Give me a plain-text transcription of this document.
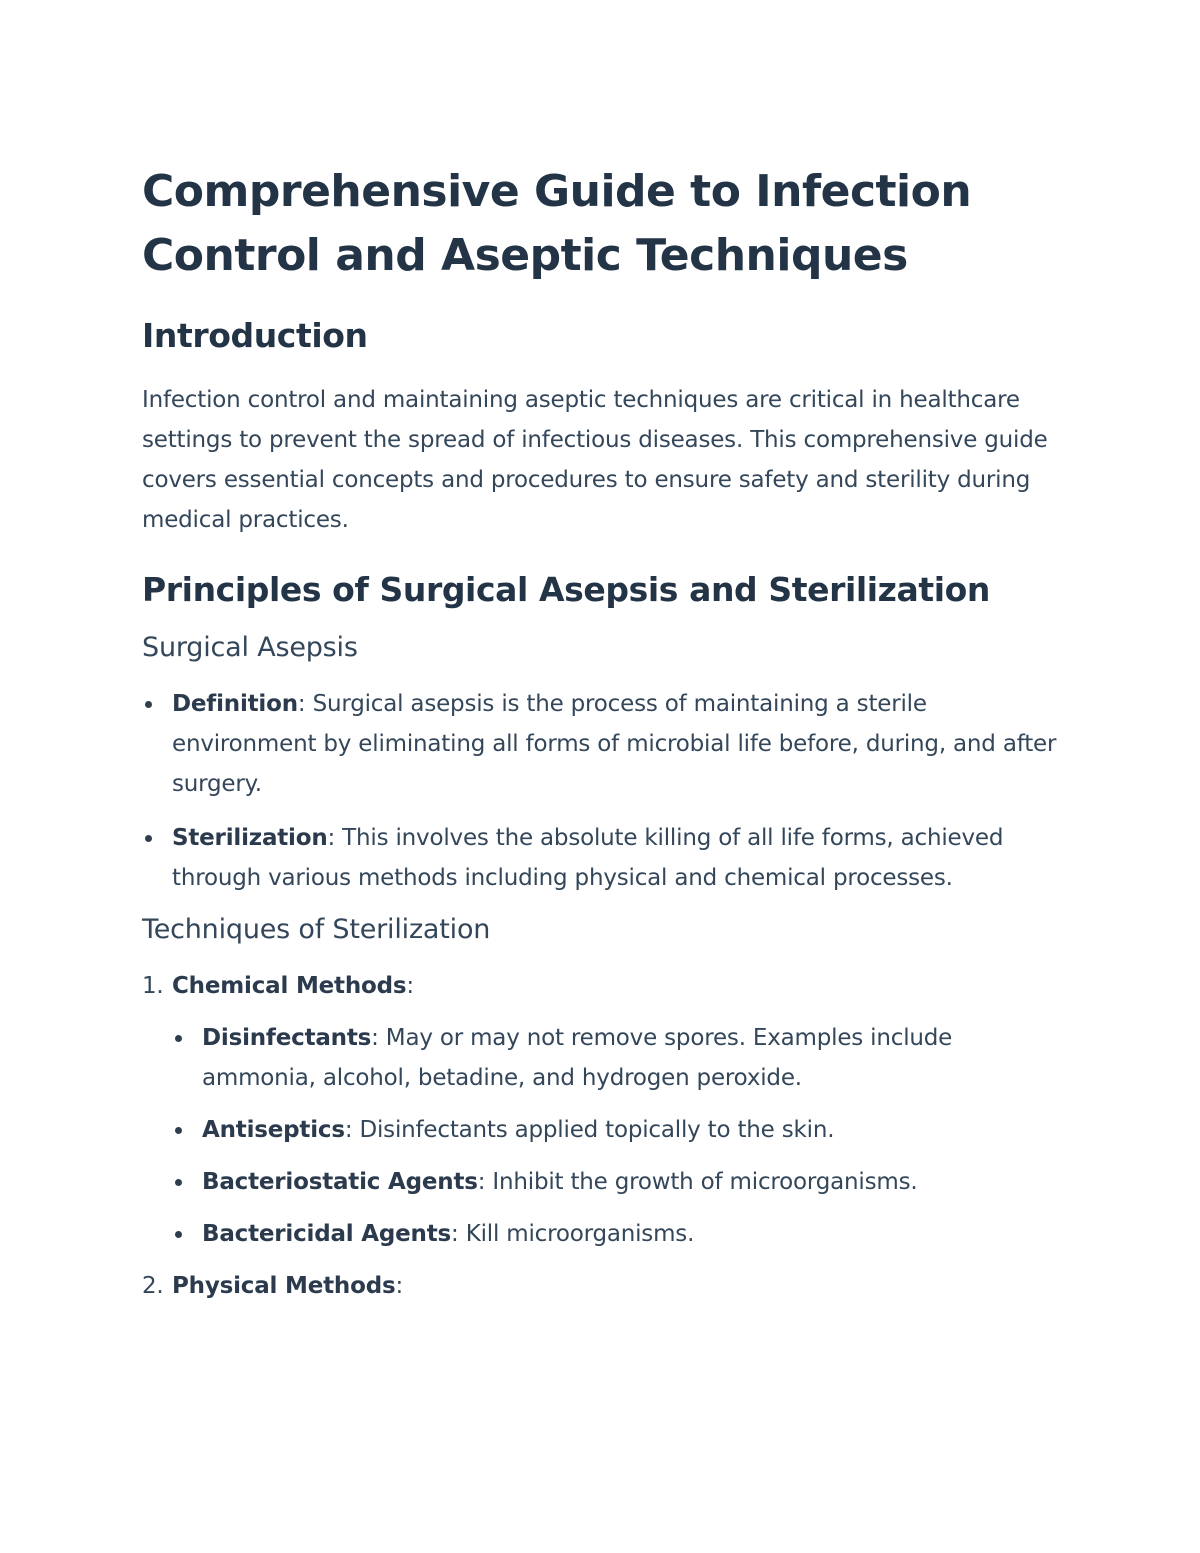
Comprehensive Guide to Infection Control and Aseptic Techniques
Introduction

Infection control and maintaining aseptic techniques are critical in healthcare settings to prevent the spread of infectious diseases. This comprehensive guide covers essential concepts and procedures to ensure safety and sterility during medical practices.

Principles of Surgical Asepsis and Sterilization
Surgical Asepsis
Definition: Surgical asepsis is the process of maintaining a sterile environment by eliminating all forms of microbial life before, during, and after surgery.
Sterilization: This involves the absolute killing of all life forms, achieved through various methods including physical and chemical processes.
Techniques of Sterilization
1. Chemical Methods:
Disinfectants: May or may not remove spores. Examples include ammonia, alcohol, betadine, and hydrogen peroxide.
Antiseptics: Disinfectants applied topically to the skin.
Bacteriostatic Agents: Inhibit the growth of microorganisms.
Bactericidal Agents: Kill microorganisms.
2. Physical Methods:
